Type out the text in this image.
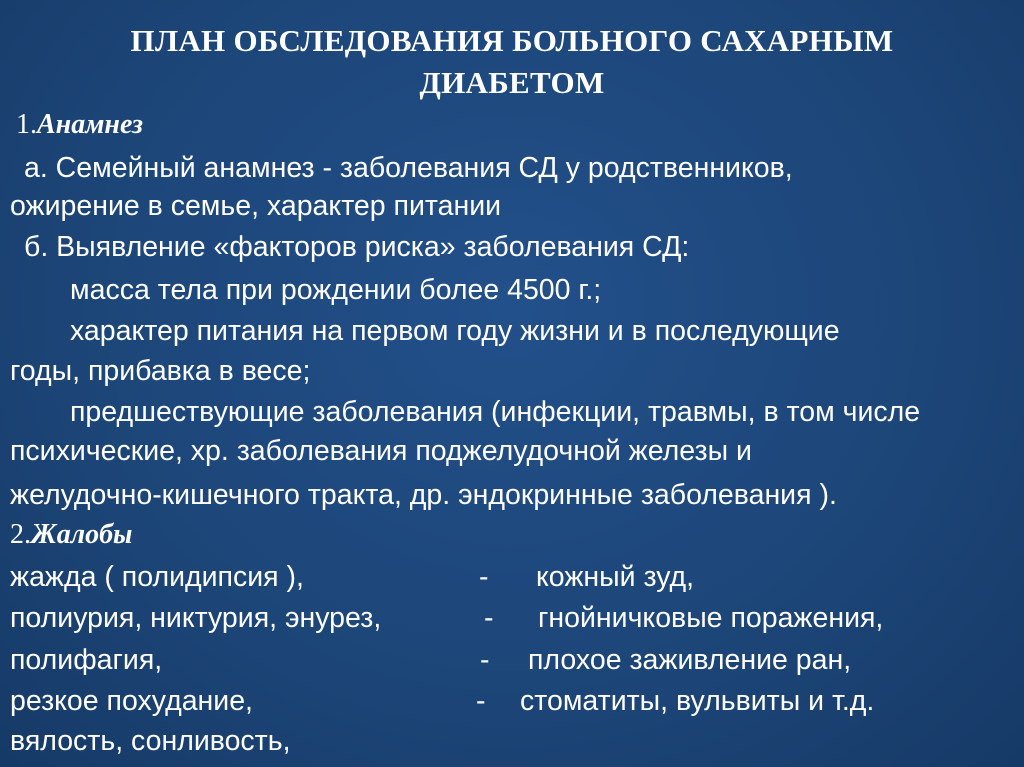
ПЛАН ОБСЛЕДОВАНИЯ БОЛЬНОГО САХАРНЫМ
ДИАБЕТОМ
1.Анамнез
а. Семейный анамнез - заболевания СД у родственников,
ожирение в семье, характер питании
б. Выявление «факторов риска» заболевания СД:
масса тела при рождении более 4500 г.;
характер питания на первом году жизни и в последующие
годы, прибавка в весе;
предшествующие заболевания (инфекции, травмы, в том числе
психические, хр. заболевания поджелудочной железы и
желудочно-кишечного тракта, др. эндокринные заболевания ).
2.Жалобы
жажда ( полидипсия ),	- кожный зуд,
полиурия, никтурия, энурез,	- гнойничковые поражения,
полифагия,	- плохое заживление ран,
резкое похудание,	- стоматиты, вульвиты и т.д.
вялость, сонливость,
